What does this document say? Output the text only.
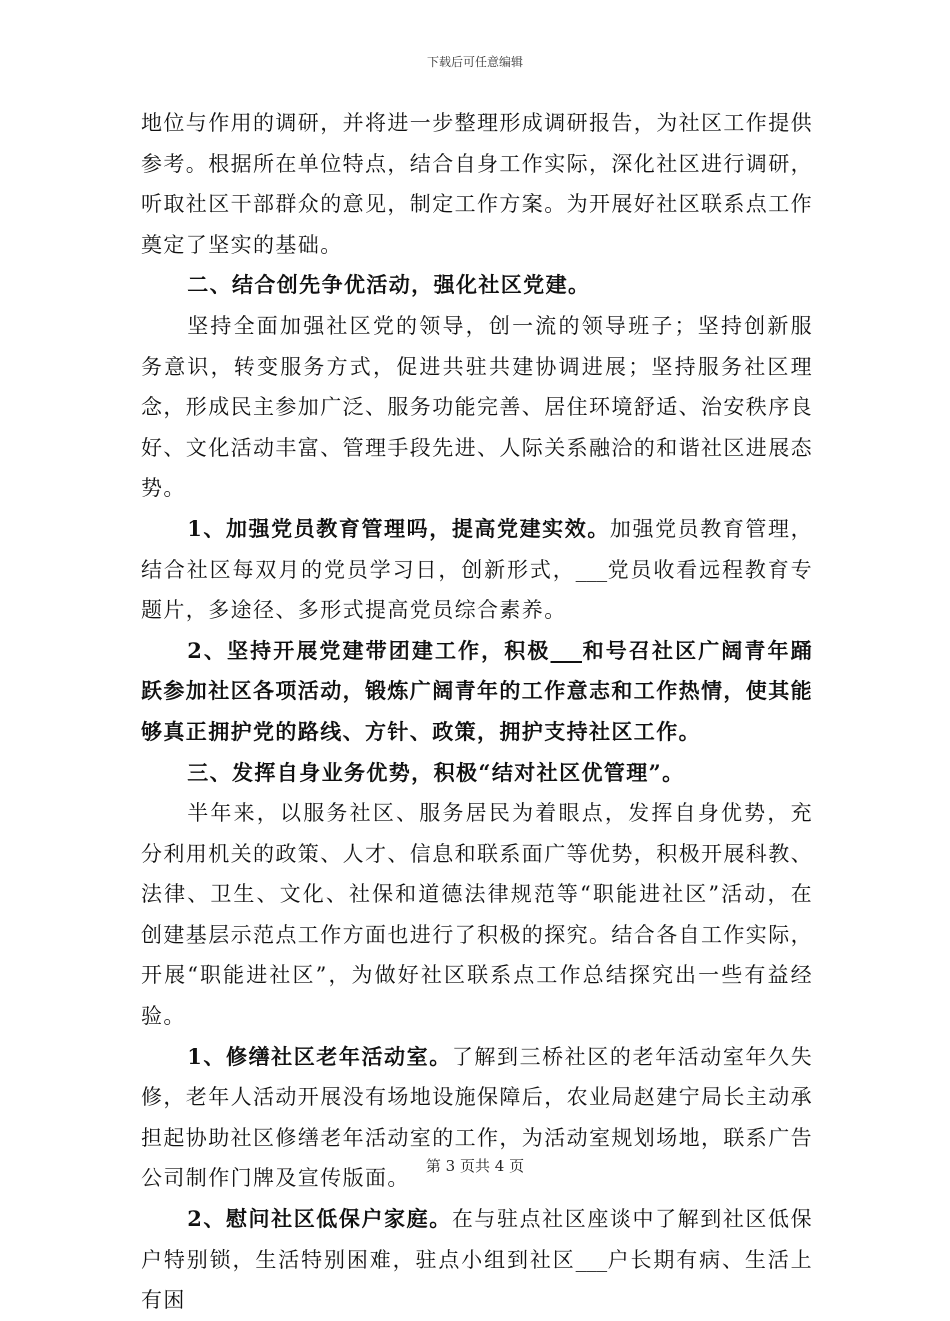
下载后可任意编辑

地位与作用的调研，并将进一步整理形成调研报告，为社区工作提供参考。根据所在单位特点，结合自身工作实际，深化社区进行调研，听取社区干部群众的意见，制定工作方案。为开展好社区联系点工作奠定了坚实的基础。

二、结合创先争优活动，强化社区党建。

坚持全面加强社区党的领导，创一流的领导班子；坚持创新服务意识，转变服务方式，促进共驻共建协调进展；坚持服务社区理念，形成民主参加广泛、服务功能完善、居住环境舒适、治安秩序良好、文化活动丰富、管理手段先进、人际关系融洽的和谐社区进展态势。

1、加强党员教育管理吗，提高党建实效。加强党员教育管理，结合社区每双月的党员学习日，创新形式，___党员收看远程教育专题片，多途径、多形式提高党员综合素养。

2、坚持开展党建带团建工作，积极___和号召社区广阔青年踊跃参加社区各项活动，锻炼广阔青年的工作意志和工作热情，使其能够真正拥护党的路线、方针、政策，拥护支持社区工作。

三、发挥自身业务优势，积极“结对社区优管理”。

半年来，以服务社区、服务居民为着眼点，发挥自身优势，充分利用机关的政策、人才、信息和联系面广等优势，积极开展科教、法律、卫生、文化、社保和道德法律规范等“职能进社区”活动，在创建基层示范点工作方面也进行了积极的探究。结合各自工作实际，开展“职能进社区”，为做好社区联系点工作总结探究出一些有益经验。

1、修缮社区老年活动室。了解到三桥社区的老年活动室年久失修，老年人活动开展没有场地设施保障后，农业局赵建宁局长主动承担起协助社区修缮老年活动室的工作，为活动室规划场地，联系广告公司制作门牌及宣传版面。

2、慰问社区低保户家庭。在与驻点社区座谈中了解到社区低保户特别锁，生活特别困难，驻点小组到社区___户长期有病、生活上有困

第 3 页共 4 页
